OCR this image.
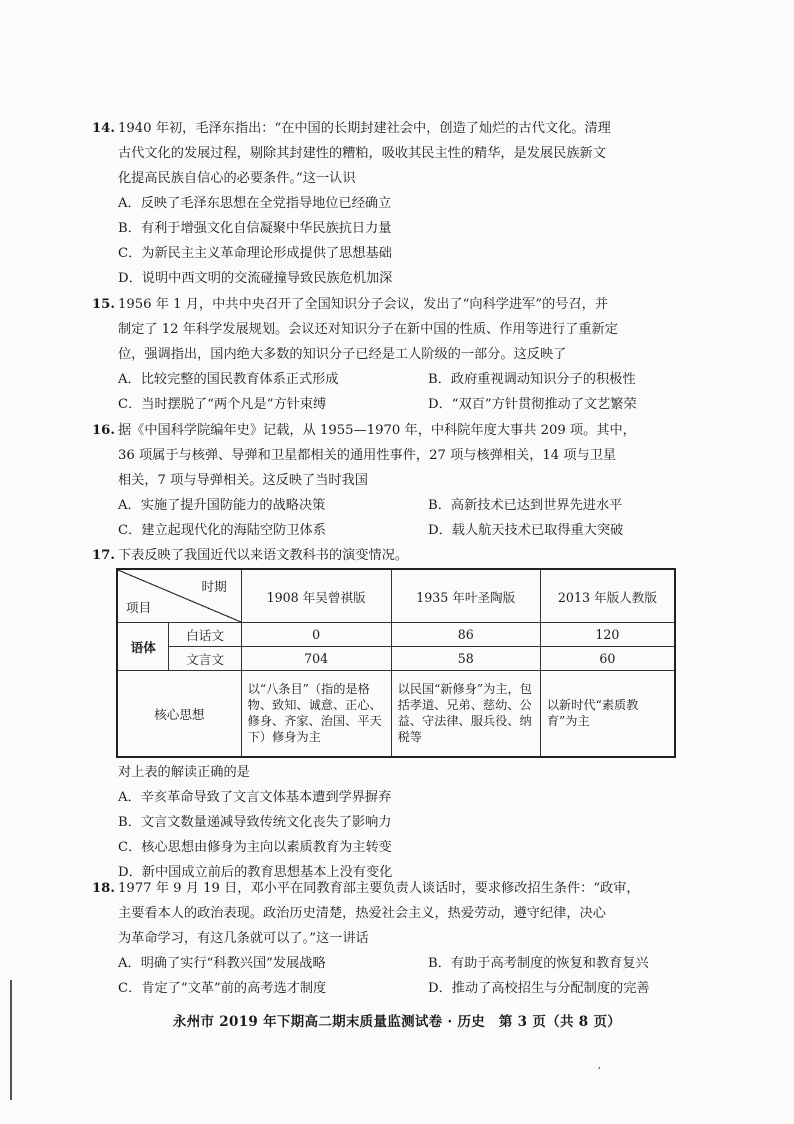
14. 1940 年初，毛泽东指出：“在中国的长期封建社会中，创造了灿烂的古代文化。清理

古代文化的发展过程，剔除其封建性的糟粕，吸收其民主性的精华，是发展民族新文

化提高民族自信心的必要条件。”这一认识

A．反映了毛泽东思想在全党指导地位已经确立
B．有利于增强文化自信凝聚中华民族抗日力量
C．为新民主主义革命理论形成提供了思想基础
D．说明中西文明的交流碰撞导致民族危机加深
15. 1956 年 1 月，中共中央召开了全国知识分子会议，发出了“向科学进军”的号召，并

制定了 12 年科学发展规划。会议还对知识分子在新中国的性质、作用等进行了重新定

位，强调指出，国内绝大多数的知识分子已经是工人阶级的一部分。这反映了

A．比较完整的国民教育体系正式形成	B．政府重视调动知识分子的积极性
C．当时摆脱了“两个凡是”方针束缚	D．“双百”方针贯彻推动了文艺繁荣
16. 据《中国科学院编年史》记载，从 1955—1970 年，中科院年度大事共 209 项。其中，

36 项属于与核弹、导弹和卫星都相关的通用性事件，27 项与核弹相关，14 项与卫星

相关，7 项与导弹相关。这反映了当时我国

A．实施了提升国防能力的战略决策	B．高新技术已达到世界先进水平
C．建立起现代化的海陆空防卫体系	D．载人航天技术已取得重大突破
17. 下表反映了我国近代以来语文教科书的演变情况。

时期
项目		1908 年吴曾祺版	1935 年叶圣陶版	2013 年版人教版
语体	白话文	0	86	120
	文言文	704	58	60
核心思想		以“八条目”（指的是格物、致知、诚意、正心、修身、齐家、治国、平天下）修身为主	以民国“新修身”为主，包括孝道、兄弟、慈幼、公益、守法律、服兵役、纳税等	以新时代“素质教育”为主

对上表的解读正确的是

A．辛亥革命导致了文言文体基本遭到学界摒弃
B．文言文数量递减导致传统文化丧失了影响力
C．核心思想由修身为主向以素质教育为主转变
D．新中国成立前后的教育思想基本上没有变化
18. 1977 年 9 月 19 日，邓小平在同教育部主要负责人谈话时，要求修改招生条件：“政审，

主要看本人的政治表现。政治历史清楚，热爱社会主义，热爱劳动，遵守纪律，决心

为革命学习，有这几条就可以了。”这一讲话

A．明确了实行“科教兴国”发展战略	B．有助于高考制度的恢复和教育复兴
C．肯定了“文革”前的高考选才制度	D．推动了高校招生与分配制度的完善
永州市 2019 年下期高二期末质量监测试卷 · 历史　第 3 页（共 8 页）
′
